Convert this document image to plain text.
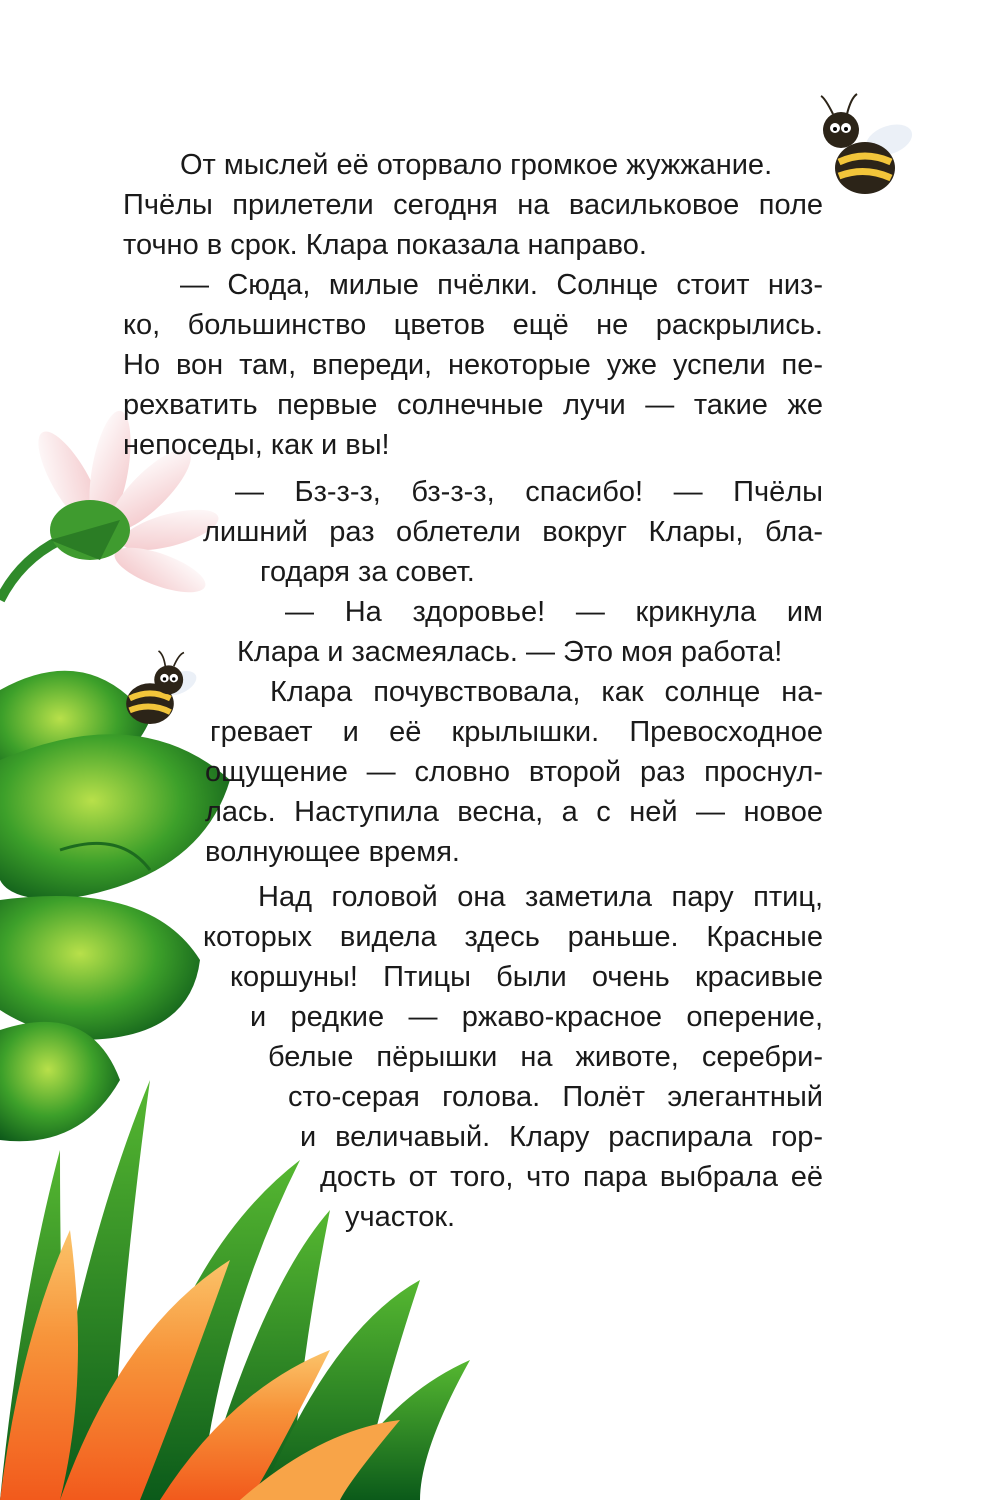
От мыслей её оторвало громкое жужжание.
Пчёлы прилетели сегодня на васильковое поле
точно в срок. Клара показала направо.
— Сюда, милые пчёлки. Солнце стоит низ-
ко, большинство цветов ещё не раскрылись.
Но вон там, впереди, некоторые уже успели пе-
рехватить первые солнечные лучи — такие же
непоседы, как и вы!
— Бз-з-з, бз-з-з, спасибо! — Пчёлы
лишний раз облетели вокруг Клары, бла-
годаря за совет.
— На здоровье! — крикнула им
Клара и засмеялась. — Это моя работа!
Клара почувствовала, как солнце на-
гревает и её крылышки. Превосходное
ощущение — словно второй раз проснул-
лась. Наступила весна, а с ней — новое
волнующее время.
Над головой она заметила пару птиц,
которых видела здесь раньше. Красные
коршуны! Птицы были очень красивые
и редкие — ржаво-красное оперение,
белые пёрышки на животе, серебри-
сто-серая голова. Полёт элегантный
и величавый. Клару распирала гор-
дость от того, что пара выбрала её
участок.
